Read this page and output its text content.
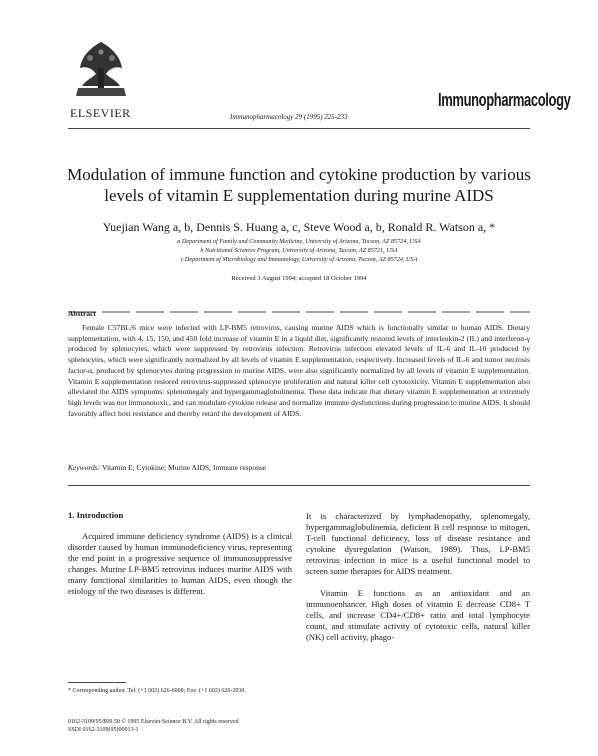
ELSEVIER	Immunopharmacology 29 (1995) 225-233
Immunopharmacology
Modulation of immune function and cytokine production by various
levels of vitamin E supplementation during murine AIDS
Yuejian Wang a, b, Dennis S. Huang a, c, Steve Wood a, b, Ronald R. Watson a, *
a Department of Family and Community Medicine, University of Arizona, Tucson, AZ 85724, USA
b Nutritional Sciences Program, University of Arizona, Tucson, AZ 85721, USA
c Department of Microbiology and Immunology, University of Arizona, Tucson, AZ 85724, USA
Received 3 August 1994; accepted 18 October 1994
Abstract
Female C57BL/6 mice were infected with LP-BM5 retrovirus, causing murine AIDS which is functionally similar to human AIDS. Dietary supplementation, with 4, 15, 150, and 450 fold increase of vitamin E in a liquid diet, significantly restored levels of interleukin-2 (IL) and interferon-γ produced by splenocytes, which were suppressed by retrovirus infection. Retrovirus infection elevated levels of IL-6 and IL-10 produced by splenocytes, which were significantly normalized by all levels of vitamin E supplementation, respectively. Increased levels of IL-6 and tumor necrosis factor-α, produced by splenocytes during progression to murine AIDS, were also significantly normalized by all levels of vitamin E supplementation. Vitamin E supplementation restored retrovirus-suppressed splenocyte proliferation and natural killer cell cytotoxicity. Vitamin E supplementation also alleviated the AIDS symptoms: splenomegaly and hypergammaglobulinemia. These data indicate that dietary vitamin E supplementation at extremely high levels was not immunotoxic, and can modulate cytokine release and normalize immune dysfunctions during progression to murine AIDS. It should favorably affect host resistance and thereby retard the development of AIDS.
Keywords: Vitamin E; Cytokine; Murine AIDS; Immune response
1. Introduction

Acquired immune deficiency syndrome (AIDS) is a clinical disorder caused by human immunodeficiency virus, representing the end point in a progressive sequence of immunosuppressive changes. Murine LP-BM5 retrovirus induces murine AIDS with many functional similarities to human AIDS, even though the etiology of the two diseases is different.

It is characterized by lymphadenopathy, splenomegaly, hypergammaglobulinemia, deficient B cell response to mitogen, T-cell functional deficiency, loss of disease resistance and cytokine dysregulation (Watson, 1989). Thus, LP-BM5 retrovirus infection in mice is a useful functional model to screen some therapies for AIDS treatment.

Vitamin E functions as an antioxidant and an immunoenhancer. High doses of vitamin E decrease CD8+ T cells, and increase CD4+/CD8+ ratio and total lymphocyte count, and stimulate activity of cytotoxic cells, natural killer (NK) cell activity, phago-

* Corresponding author. Tel: (+1 602) 626-6008; Fax: (+1 602) 626-2030.
0162-3109/95/$09.50 © 1995 Elsevier Science B.V. All rights reserved
SSDI 0162-3109(95)00013-1
